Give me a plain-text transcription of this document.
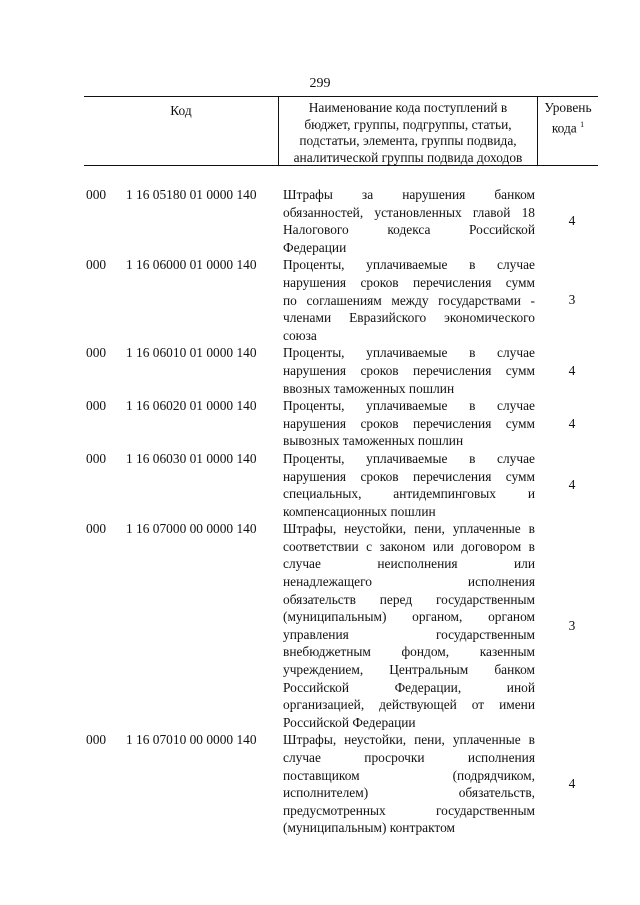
299
Код	Наименование кода поступлений в
бюджет, группы, подгруппы, статьи,
подстатьи, элемента, группы подвида,
аналитической группы подвида доходов
Уровень
кода $^1$
000 1 16 05180 01 0000 140 Штрафы за нарушения банком
обязанностей, установленных главой 18
Налогового кодекса Российской
Федерации
4
000 1 16 06000 01 0000 140 Проценты, уплачиваемые в случае
нарушения сроков перечисления сумм
по соглашениям между государствами -
членами Евразийского экономического
союза
3
000 1 16 06010 01 0000 140 Проценты, уплачиваемые в случае
нарушения сроков перечисления сумм
ввозных таможенных пошлин
4
000 1 16 06020 01 0000 140 Проценты, уплачиваемые в случае
нарушения сроков перечисления сумм
вывозных таможенных пошлин
4
000 1 16 06030 01 0000 140 Проценты, уплачиваемые в случае
нарушения сроков перечисления сумм
специальных, антидемпинговых и
компенсационных пошлин
4
000 1 16 07000 00 0000 140 Штрафы, неустойки, пени, уплаченные в
соответствии с законом или договором в
случае неисполнения или
ненадлежащего исполнения
обязательств перед государственным
(муниципальным) органом, органом
управления государственным
внебюджетным фондом, казенным
учреждением, Центральным банком
Российской Федерации, иной
организацией, действующей от имени
Российской Федерации
3
000 1 16 07010 00 0000 140 Штрафы, неустойки, пени, уплаченные в
случае просрочки исполнения
поставщиком (подрядчиком,
исполнителем) обязательств,
предусмотренных государственным
(муниципальным) контрактом
4
